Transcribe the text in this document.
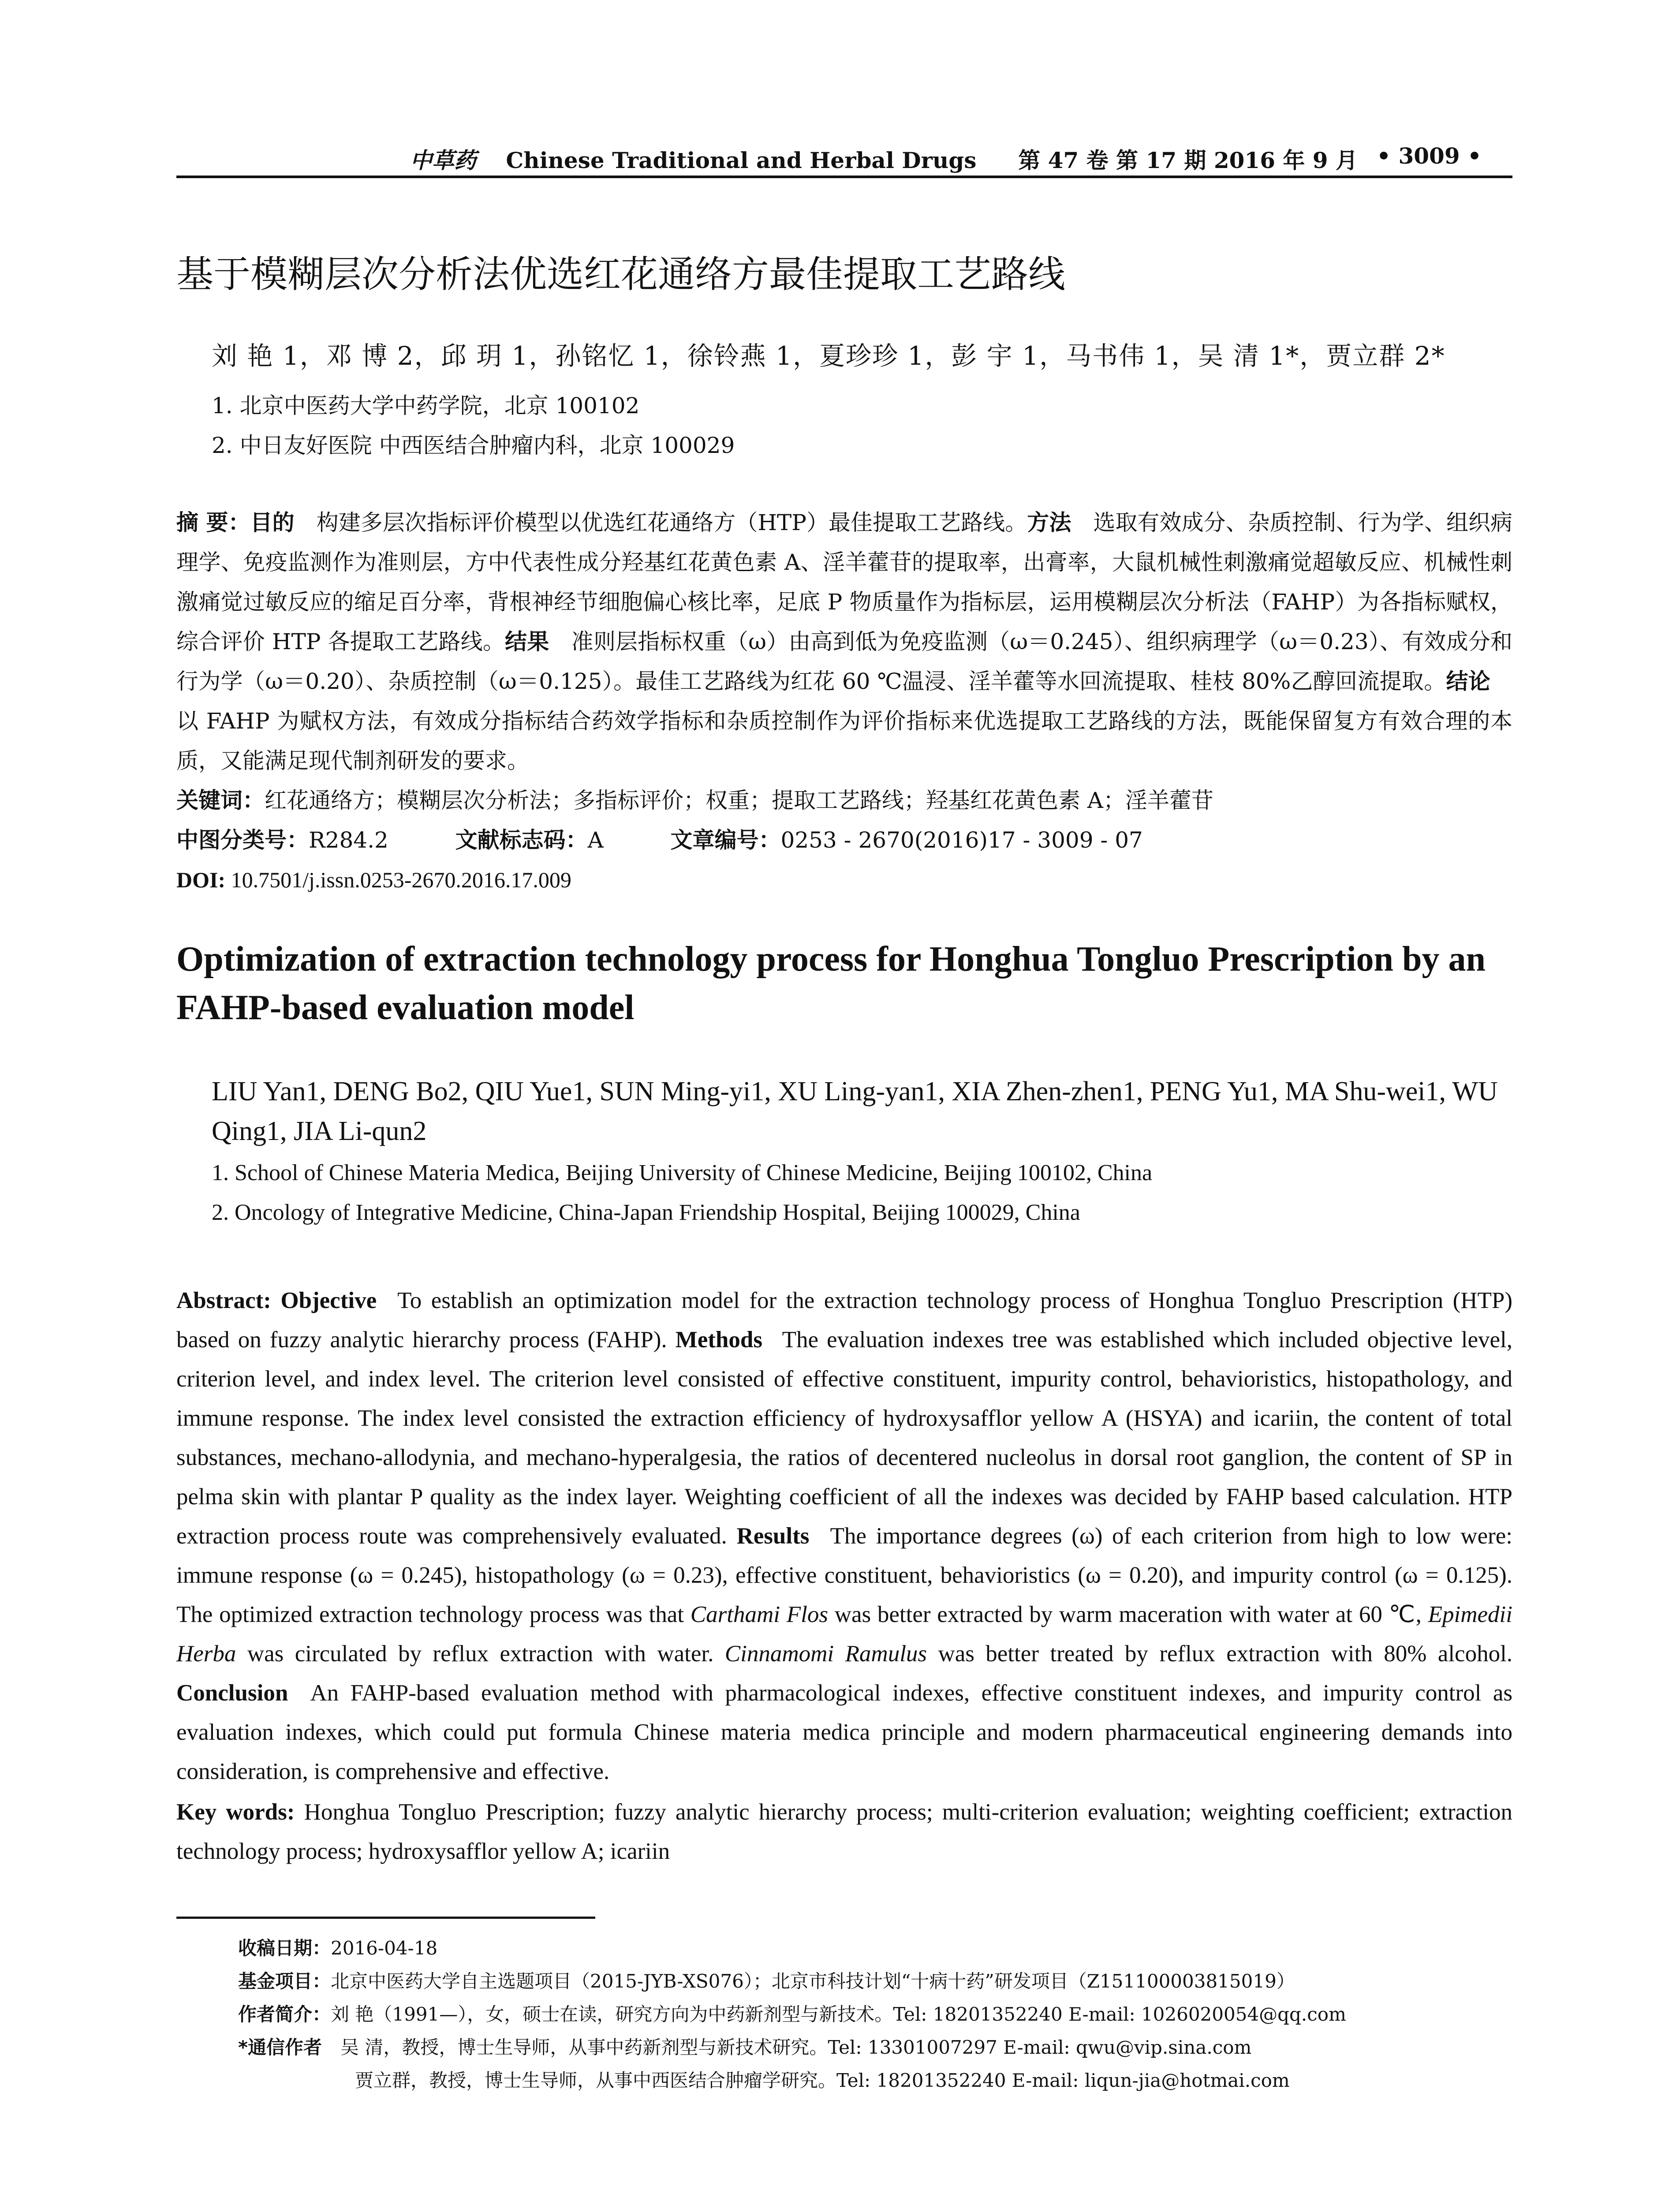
中草药 Chinese Traditional and Herbal Drugs 第 47 卷 第 17 期 2016 年 9 月 • 3009 •
基于模糊层次分析法优选红花通络方最佳提取工艺路线
刘 艳 1，邓 博 2，邱 玥 1，孙铭忆 1，徐铃燕 1，夏珍珍 1，彭 宇 1，马书伟 1，吴 清 1*，贾立群 2*
1. 北京中医药大学中药学院，北京 100102
2. 中日友好医院 中西医结合肿瘤内科，北京 100029
摘 要：目的  构建多层次指标评价模型以优选红花通络方（HTP）最佳提取工艺路线。方法  选取有效成分、杂质控制、行为学、组织病理学、免疫监测作为准则层，方中代表性成分羟基红花黄色素 A、淫羊藿苷的提取率，出膏率，大鼠机械性刺激痛觉超敏反应、机械性刺激痛觉过敏反应的缩足百分率，背根神经节细胞偏心核比率，足底 P 物质量作为指标层，运用模糊层次分析法（FAHP）为各指标赋权，综合评价 HTP 各提取工艺路线。结果  准则层指标权重（ω）由高到低为免疫监测（ω＝0.245）、组织病理学（ω＝0.23）、有效成分和行为学（ω＝0.20）、杂质控制（ω＝0.125）。最佳工艺路线为红花 60 ℃温浸、淫羊藿等水回流提取、桂枝 80%乙醇回流提取。结论 以 FAHP 为赋权方法，有效成分指标结合药效学指标和杂质控制作为评价指标来优选提取工艺路线的方法，既能保留复方有效合理的本质，又能满足现代制剂研发的要求。
关键词：红花通络方；模糊层次分析法；多指标评价；权重；提取工艺路线；羟基红花黄色素 A；淫羊藿苷
中图分类号：R284.2	文献标志码：A	文章编号：0253 - 2670(2016)17 - 3009 - 07
DOI: 10.7501/j.issn.0253-2670.2016.17.009
Optimization of extraction technology process for Honghua Tongluo Prescription by an FAHP-based evaluation model
LIU Yan1, DENG Bo2, QIU Yue1, SUN Ming-yi1, XU Ling-yan1, XIA Zhen-zhen1, PENG Yu1, MA Shu-wei1, WU Qing1, JIA Li-qun2
1. School of Chinese Materia Medica, Beijing University of Chinese Medicine, Beijing 100102, China
2. Oncology of Integrative Medicine, China-Japan Friendship Hospital, Beijing 100029, China
Abstract: Objective  To establish an optimization model for the extraction technology process of Honghua Tongluo Prescription (HTP) based on fuzzy analytic hierarchy process (FAHP). Methods  The evaluation indexes tree was established which included objective level, criterion level, and index level. The criterion level consisted of effective constituent, impurity control, behavioristics, histopathology, and immune response. The index level consisted the extraction efficiency of hydroxysafflor yellow A (HSYA) and icariin, the content of total substances, mechano-allodynia, and mechano-hyperalgesia, the ratios of decentered nucleolus in dorsal root ganglion, the content of SP in pelma skin with plantar P quality as the index layer. Weighting coefficient of all the indexes was decided by FAHP based calculation. HTP extraction process route was comprehensively evaluated. Results  The importance degrees (ω) of each criterion from high to low were: immune response (ω = 0.245), histopathology (ω = 0.23), effective constituent, behavioristics (ω = 0.20), and impurity control (ω = 0.125). The optimized extraction technology process was that Carthami Flos was better extracted by warm maceration with water at 60 ℃, Epimedii Herba was circulated by reflux extraction with water. Cinnamomi Ramulus was better treated by reflux extraction with 80% alcohol. Conclusion  An FAHP-based evaluation method with pharmacological indexes, effective constituent indexes, and impurity control as evaluation indexes, which could put formula Chinese materia medica principle and modern pharmaceutical engineering demands into consideration, is comprehensive and effective.
Key words: Honghua Tongluo Prescription; fuzzy analytic hierarchy process; multi-criterion evaluation; weighting coefficient; extraction technology process; hydroxysafflor yellow A; icariin
收稿日期：2016-04-18
基金项目：北京中医药大学自主选题项目（2015-JYB-XS076）；北京市科技计划“十病十药”研发项目（Z151100003815019）
作者简介：刘 艳（1991—），女，硕士在读，研究方向为中药新剂型与新技术。Tel: 18201352240 E-mail: 1026020054@qq.com
*通信作者  吴 清，教授，博士生导师，从事中药新剂型与新技术研究。Tel: 13301007297 E-mail: qwu@vip.sina.com
贾立群，教授，博士生导师，从事中西医结合肿瘤学研究。Tel: 18201352240 E-mail: liqun-jia@hotmai.com
